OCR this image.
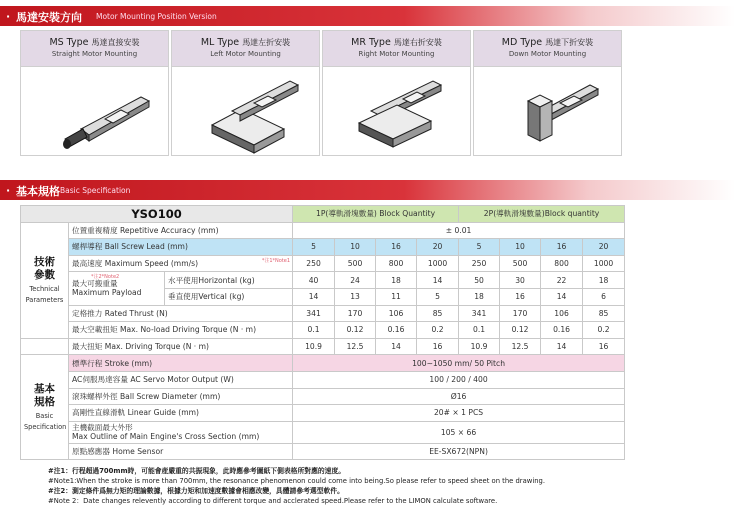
· 馬達安裝方向 Motor Mounting Position Version
MS Type 馬達直接安裝
Straight Motor Mounting
ML Type 馬達左折安裝
Left Motor Mounting
MR Type 馬達右折安裝
Right Motor Mounting
MD Type 馬達下折安裝
Down Motor Mounting
· 基本規格 Basic Specification
YSO100			1P(導軌滑塊數量) Block Quantity				2P(導軌滑塊數量)Block quantity			

技術
參數
Technical
Parameters	位置重複精度 Repetitive Accuracy (mm)		± 0.01							
	螺桿導程 Ball Screw Lead (mm)		5	10	16	20	5	10	16	20
	最高速度 Maximum Speed (mm/s) *注1*Note1		250	500	800	1000	250	500	800	1000

	最大可搬重量
Maximum Payload
*注2*Note2	水平使用Horizontal (kg)	40	24	18	14	50	30	22	18
		垂直使用Vertical (kg)	14	13	11	5	18	16	14	6
	定格推力 Rated Thrust (N)		341	170	106	85	341	170	106	85
	最大空載扭矩 Max. No-load Driving Torque (N · m)		0.1	0.12	0.16	0.2	0.1	0.12	0.16	0.2
	最大扭矩 Max. Driving Torque (N · m)		10.9	12.5	14	16	10.9	12.5	14	16

基本
規格
Basic
Specification	標準行程 Stroke (mm)		100~1050 mm/ 50 Pitch							
	AC伺服馬達容量 AC Servo Motor Output (W)		100 / 200 / 400							
	滾珠螺桿外徑 Ball Screw Diameter (mm)		Ø16							
	高剛性直線滑軌 Linear Guide (mm)		20# × 1 PCS							

	主機截面最大外形
Max Outline of Main Engine's Cross Section (mm)		105 × 66							
	原點感應器 Home Sensor		EE-SX672(NPN)							
#注1：行程超過700mm時，可能會産嚴重的共振現象，此時應參考圖紙下側表格所對應的速度。
#Note1:When the stroke is more than 700mm, the resonance phenomenon could come into being.So please refer to speed sheet on the drawing.
#注2：測定條件爲無力矩的理論數據，根據力矩和加速度數據會相應改變，具體請參考選型軟件。
#Note 2：Date changes relevently according to different torque and acclerated speed.Please refer to the LIMON calculate software.
